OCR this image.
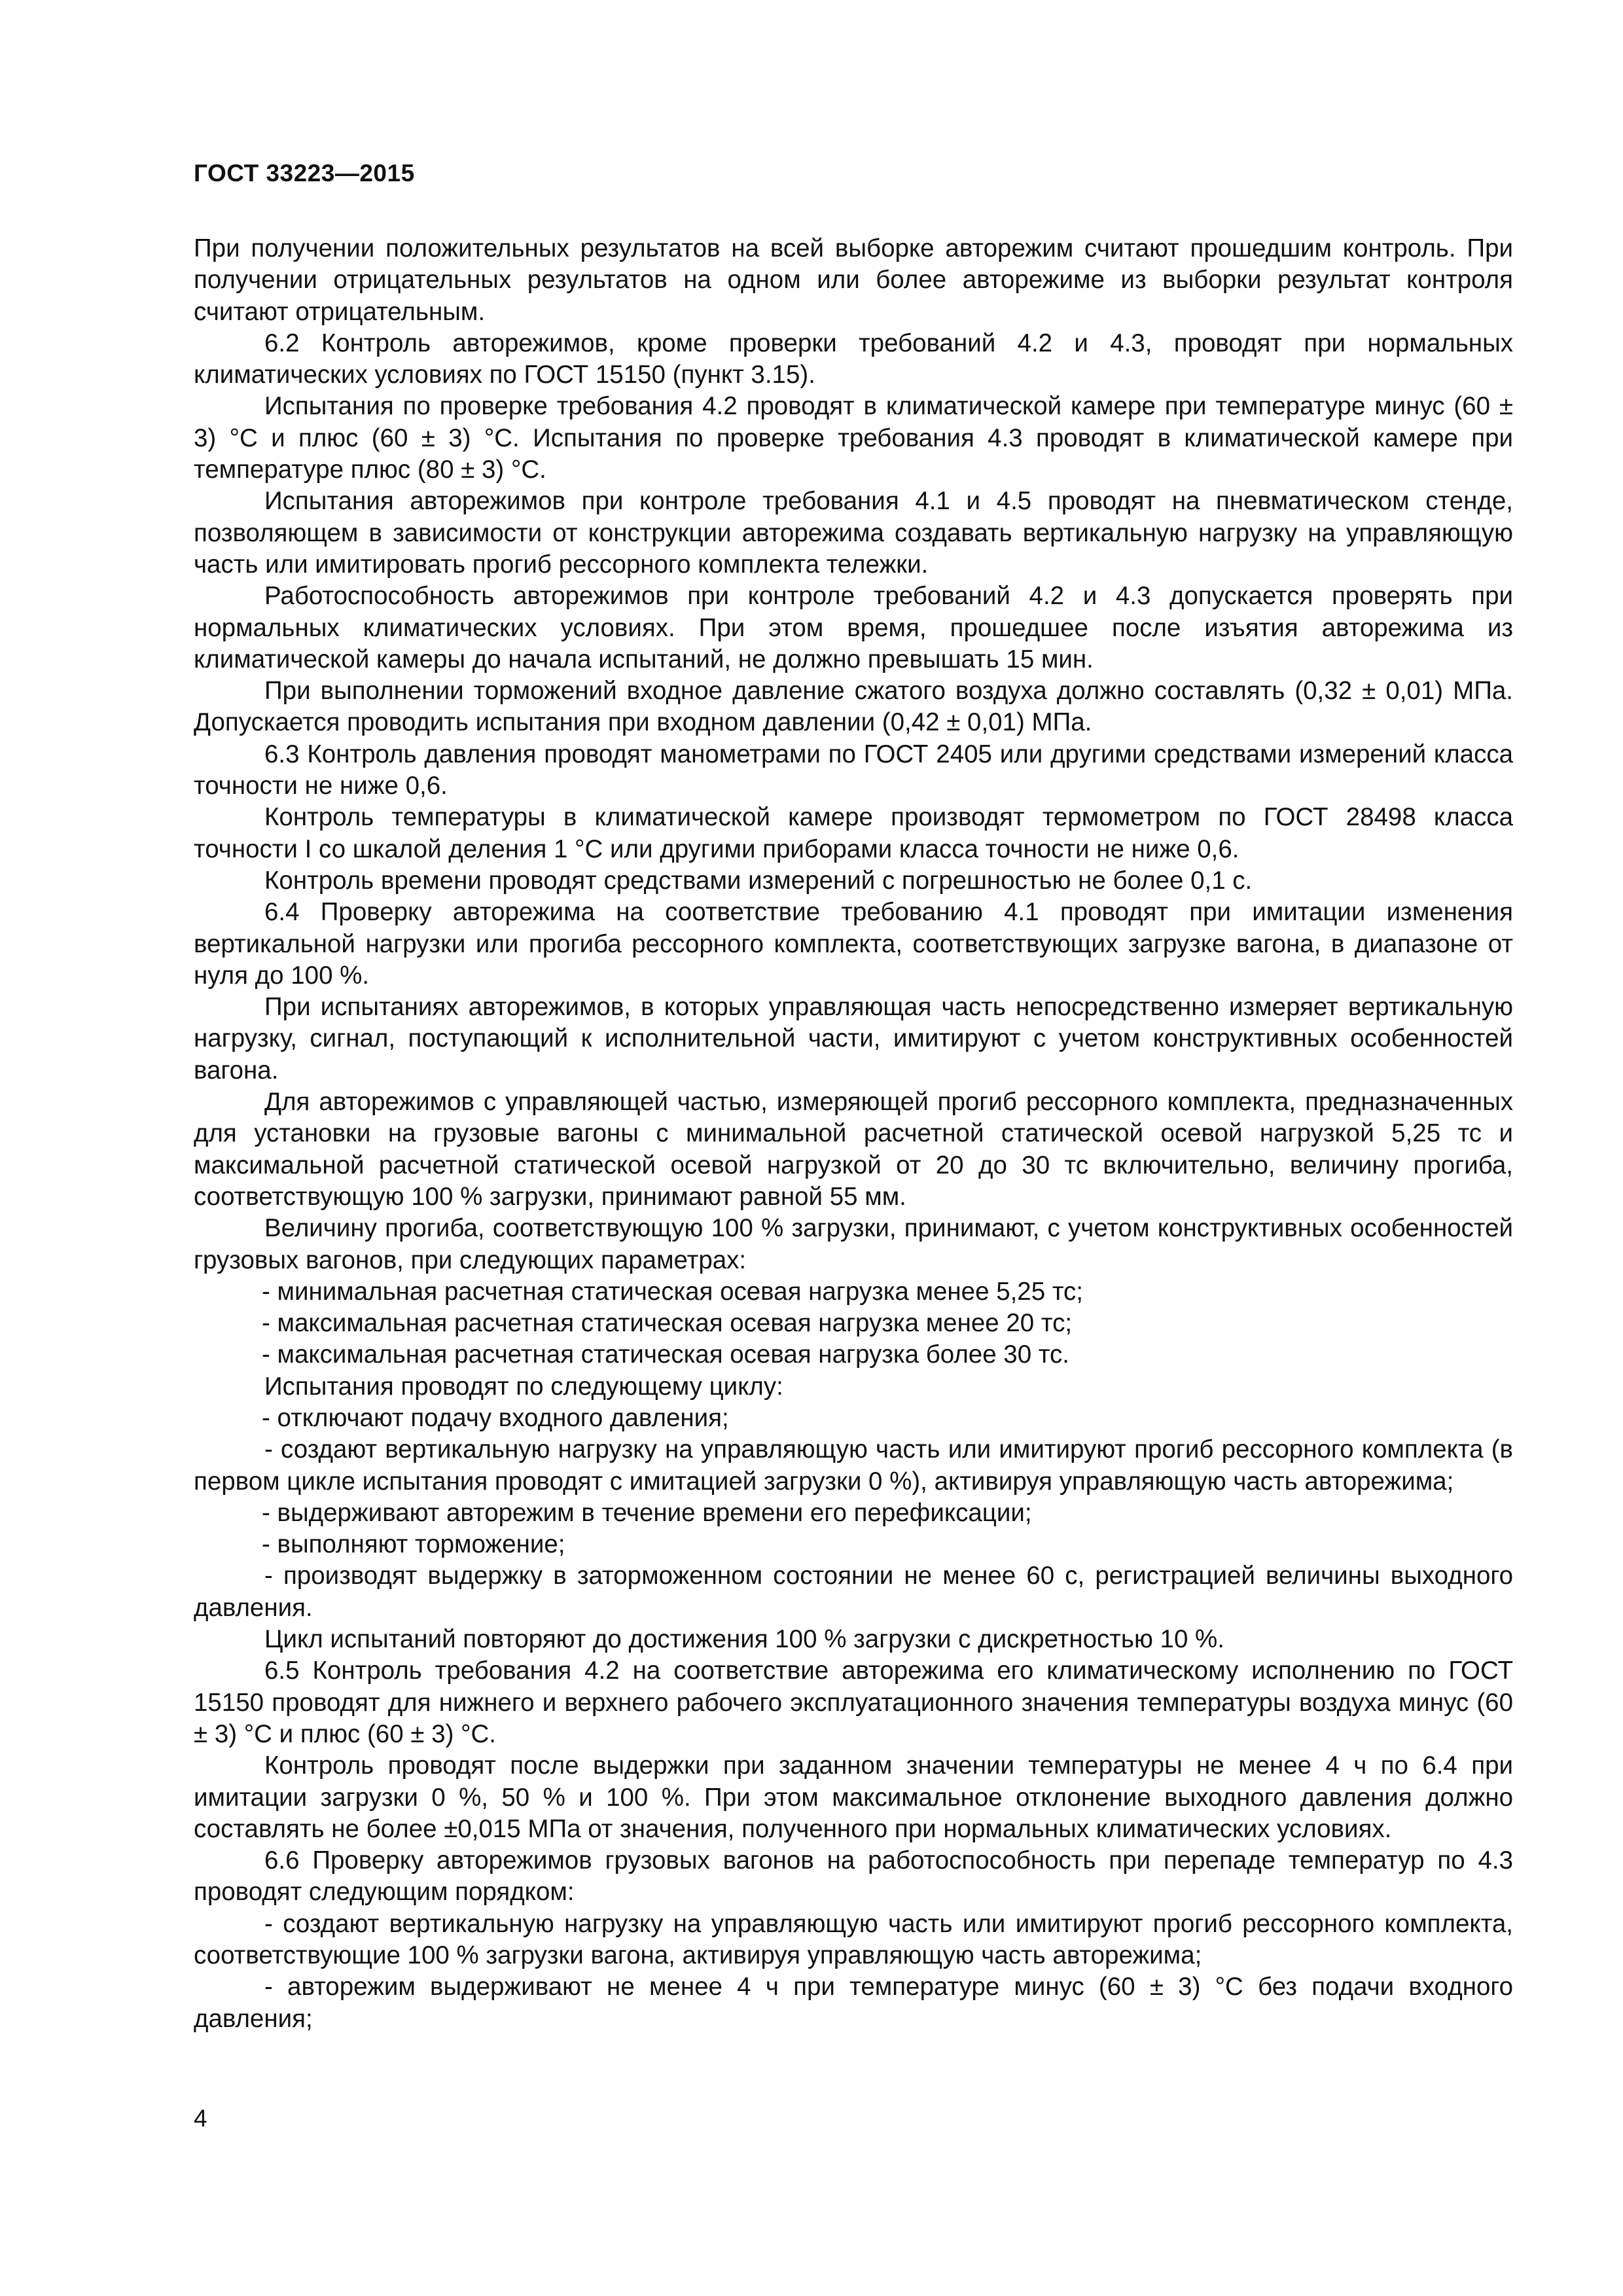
ГОСТ 33223—2015

При получении положительных результатов на всей выборке авторежим считают прошедшим контроль. При получении отрицательных результатов на одном или более авторежиме из выборки результат контроля считают отрицательным.

6.2 Контроль авторежимов, кроме проверки требований 4.2 и 4.3, проводят при нормальных климатических условиях по ГОСТ 15150 (пункт 3.15).

Испытания по проверке требования 4.2 проводят в климатической камере при температуре минус (60 ± 3) °С и плюс (60 ± 3) °С. Испытания по проверке требования 4.3 проводят в климатической камере при температуре плюс (80 ± 3) °С.

Испытания авторежимов при контроле требования 4.1 и 4.5 проводят на пневматическом стенде, позволяющем в зависимости от конструкции авторежима создавать вертикальную нагрузку на управляющую часть или имитировать прогиб рессорного комплекта тележки.

Работоспособность авторежимов при контроле требований 4.2 и 4.3 допускается проверять при нормальных климатических условиях. При этом время, прошедшее после изъятия авторежима из климатической камеры до начала испытаний, не должно превышать 15 мин.

При выполнении торможений входное давление сжатого воздуха должно составлять (0,32 ± 0,01) МПа. Допускается проводить испытания при входном давлении (0,42 ± 0,01) МПа.

6.3 Контроль давления проводят манометрами по ГОСТ 2405 или другими средствами измерений класса точности не ниже 0,6.

Контроль температуры в климатической камере производят термометром по ГОСТ 28498 класса точности I со шкалой деления 1 °С или другими приборами класса точности не ниже 0,6.

Контроль времени проводят средствами измерений с погрешностью не более 0,1 с.

6.4 Проверку авторежима на соответствие требованию 4.1 проводят при имитации изменения вертикальной нагрузки или прогиба рессорного комплекта, соответствующих загрузке вагона, в диапазоне от нуля до 100 %.

При испытаниях авторежимов, в которых управляющая часть непосредственно измеряет вертикальную нагрузку, сигнал, поступающий к исполнительной части, имитируют с учетом конструктивных особенностей вагона.

Для авторежимов с управляющей частью, измеряющей прогиб рессорного комплекта, предназначенных для установки на грузовые вагоны с минимальной расчетной статической осевой нагрузкой 5,25 тс и максимальной расчетной статической осевой нагрузкой от 20 до 30 тс включительно, величину прогиба, соответствующую 100 % загрузки, принимают равной 55 мм.

Величину прогиба, соответствующую 100 % загрузки, принимают, с учетом конструктивных особенностей грузовых вагонов, при следующих параметрах:

- минимальная расчетная статическая осевая нагрузка менее 5,25 тс;

- максимальная расчетная статическая осевая нагрузка менее 20 тс;

- максимальная расчетная статическая осевая нагрузка более 30 тс.

Испытания проводят по следующему циклу:

- отключают подачу входного давления;

- создают вертикальную нагрузку на управляющую часть или имитируют прогиб рессорного комплекта (в первом цикле испытания проводят с имитацией загрузки 0 %), активируя управляющую часть авторежима;

- выдерживают авторежим в течение времени его перефиксации;

- выполняют торможение;

- производят выдержку в заторможенном состоянии не менее 60 с, регистрацией величины выходного давления.

Цикл испытаний повторяют до достижения 100 % загрузки с дискретностью 10 %.

6.5 Контроль требования 4.2 на соответствие авторежима его климатическому исполнению по ГОСТ 15150 проводят для нижнего и верхнего рабочего эксплуатационного значения температуры воздуха минус (60 ± 3) °С и плюс (60 ± 3) °С.

Контроль проводят после выдержки при заданном значении температуры не менее 4 ч по 6.4 при имитации загрузки 0 %, 50 % и 100 %. При этом максимальное отклонение выходного давления должно составлять не более ±0,015 МПа от значения, полученного при нормальных климатических условиях.

6.6 Проверку авторежимов грузовых вагонов на работоспособность при перепаде температур по 4.3 проводят следующим порядком:

- создают вертикальную нагрузку на управляющую часть или имитируют прогиб рессорного комплекта, соответствующие 100 % загрузки вагона, активируя управляющую часть авторежима;

- авторежим выдерживают не менее 4 ч при температуре минус (60 ± 3) °С без подачи входного давления;

4
